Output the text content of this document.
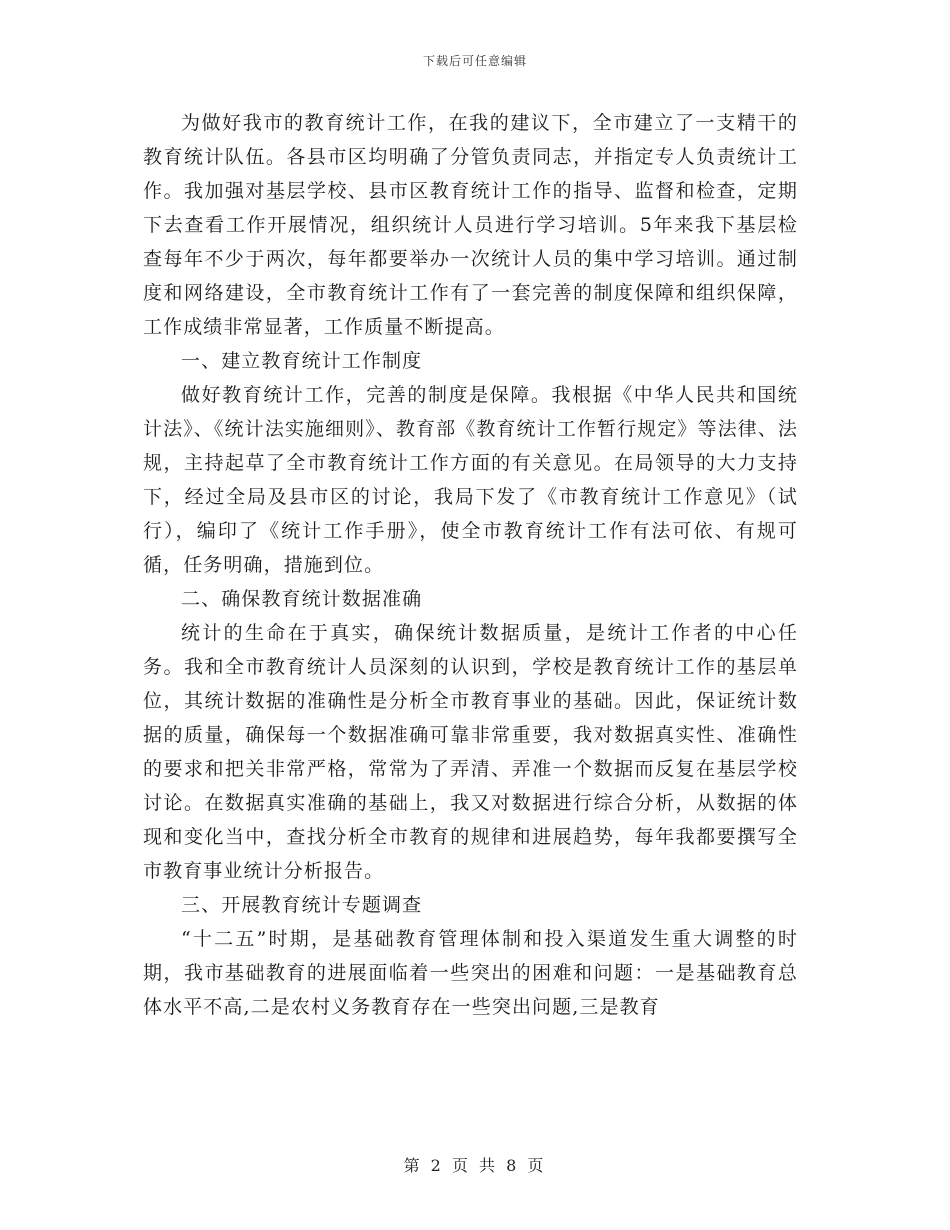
下载后可任意编辑

为做好我市的教育统计工作，在我的建议下，全市建立了一支精干的教育统计队伍。各县市区均明确了分管负责同志，并指定专人负责统计工作。我加强对基层学校、县市区教育统计工作的指导、监督和检查，定期下去查看工作开展情况，组织统计人员进行学习培训。5年来我下基层检查每年不少于两次，每年都要举办一次统计人员的集中学习培训。通过制度和网络建设，全市教育统计工作有了一套完善的制度保障和组织保障，工作成绩非常显著，工作质量不断提高。

一、建立教育统计工作制度

做好教育统计工作，完善的制度是保障。我根据《中华人民共和国统计法》、《统计法实施细则》、教育部《教育统计工作暂行规定》等法律、法规，主持起草了全市教育统计工作方面的有关意见。在局领导的大力支持下，经过全局及县市区的讨论，我局下发了《市教育统计工作意见》（试行），编印了《统计工作手册》，使全市教育统计工作有法可依、有规可循，任务明确，措施到位。

二、确保教育统计数据准确

统计的生命在于真实，确保统计数据质量，是统计工作者的中心任务。我和全市教育统计人员深刻的认识到，学校是教育统计工作的基层单位，其统计数据的准确性是分析全市教育事业的基础。因此，保证统计数据的质量，确保每一个数据准确可靠非常重要，我对数据真实性、准确性的要求和把关非常严格，常常为了弄清、弄准一个数据而反复在基层学校讨论。在数据真实准确的基础上，我又对数据进行综合分析，从数据的体现和变化当中，查找分析全市教育的规律和进展趋势，每年我都要撰写全市教育事业统计分析报告。

三、开展教育统计专题调查

“十二五”时期，是基础教育管理体制和投入渠道发生重大调整的时期，我市基础教育的进展面临着一些突出的困难和问题：一是基础教育总体水平不高,二是农村义务教育存在一些突出问题,三是教育

第 2 页 共 8 页
